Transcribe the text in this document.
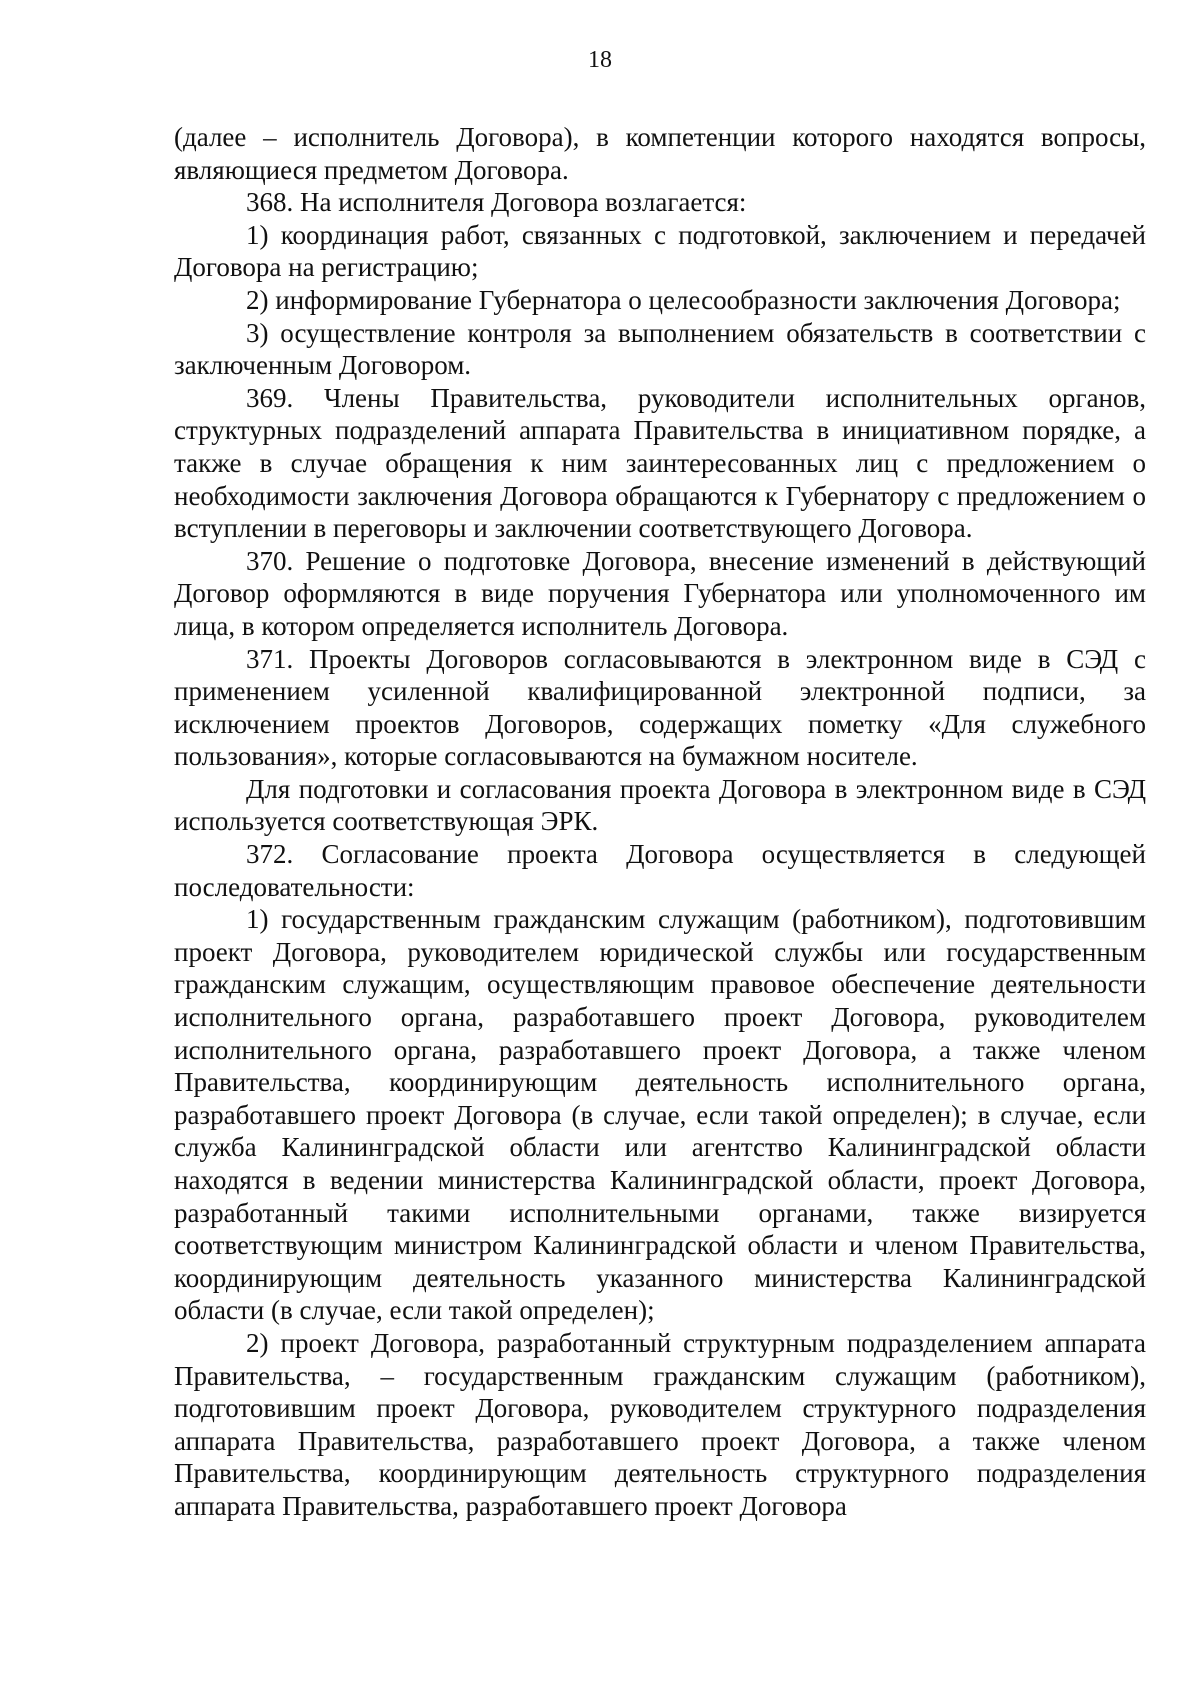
18

(далее – исполнитель Договора), в компетенции которого находятся вопросы, являющиеся предметом Договора.

368. На исполнителя Договора возлагается:

1) координация работ, связанных с подготовкой, заключением и передачей Договора на регистрацию;

2) информирование Губернатора о целесообразности заключения Договора;

3) осуществление контроля за выполнением обязательств в соответствии с заключенным Договором.

369. Члены Правительства, руководители исполнительных органов, структурных подразделений аппарата Правительства в инициативном порядке, а также в случае обращения к ним заинтересованных лиц с предложением о необходимости заключения Договора обращаются к Губернатору с предложением о вступлении в переговоры и заключении соответствующего Договора.

370. Решение о подготовке Договора, внесение изменений в действующий Договор оформляются в виде поручения Губернатора или уполномоченного им лица, в котором определяется исполнитель Договора.

371. Проекты Договоров согласовываются в электронном виде в СЭД с применением усиленной квалифицированной электронной подписи, за исключением проектов Договоров, содержащих пометку «Для служебного пользования», которые согласовываются на бумажном носителе.

Для подготовки и согласования проекта Договора в электронном виде в СЭД используется соответствующая ЭРК.

372. Согласование проекта Договора осуществляется в следующей последовательности:

1) государственным гражданским служащим (работником), подготовившим проект Договора, руководителем юридической службы или государственным гражданским служащим, осуществляющим правовое обеспечение деятельности исполнительного органа, разработавшего проект Договора, руководителем исполнительного органа, разработавшего проект Договора, а также членом Правительства, координирующим деятельность исполнительного органа, разработавшего проект Договора (в случае, если такой определен); в случае, если служба Калининградской области или агентство Калининградской области находятся в ведении министерства Калининградской области, проект Договора, разработанный такими исполнительными органами, также визируется соответствующим министром Калининградской области и членом Правительства, координирующим деятельность указанного министерства Калининградской области (в случае, если такой определен);

2) проект Договора, разработанный структурным подразделением аппарата Правительства, – государственным гражданским служащим (работником), подготовившим проект Договора, руководителем структурного подразделения аппарата Правительства, разработавшего проект Договора, а также членом Правительства, координирующим деятельность структурного подразделения аппарата Правительства, разработавшего проект Договора
